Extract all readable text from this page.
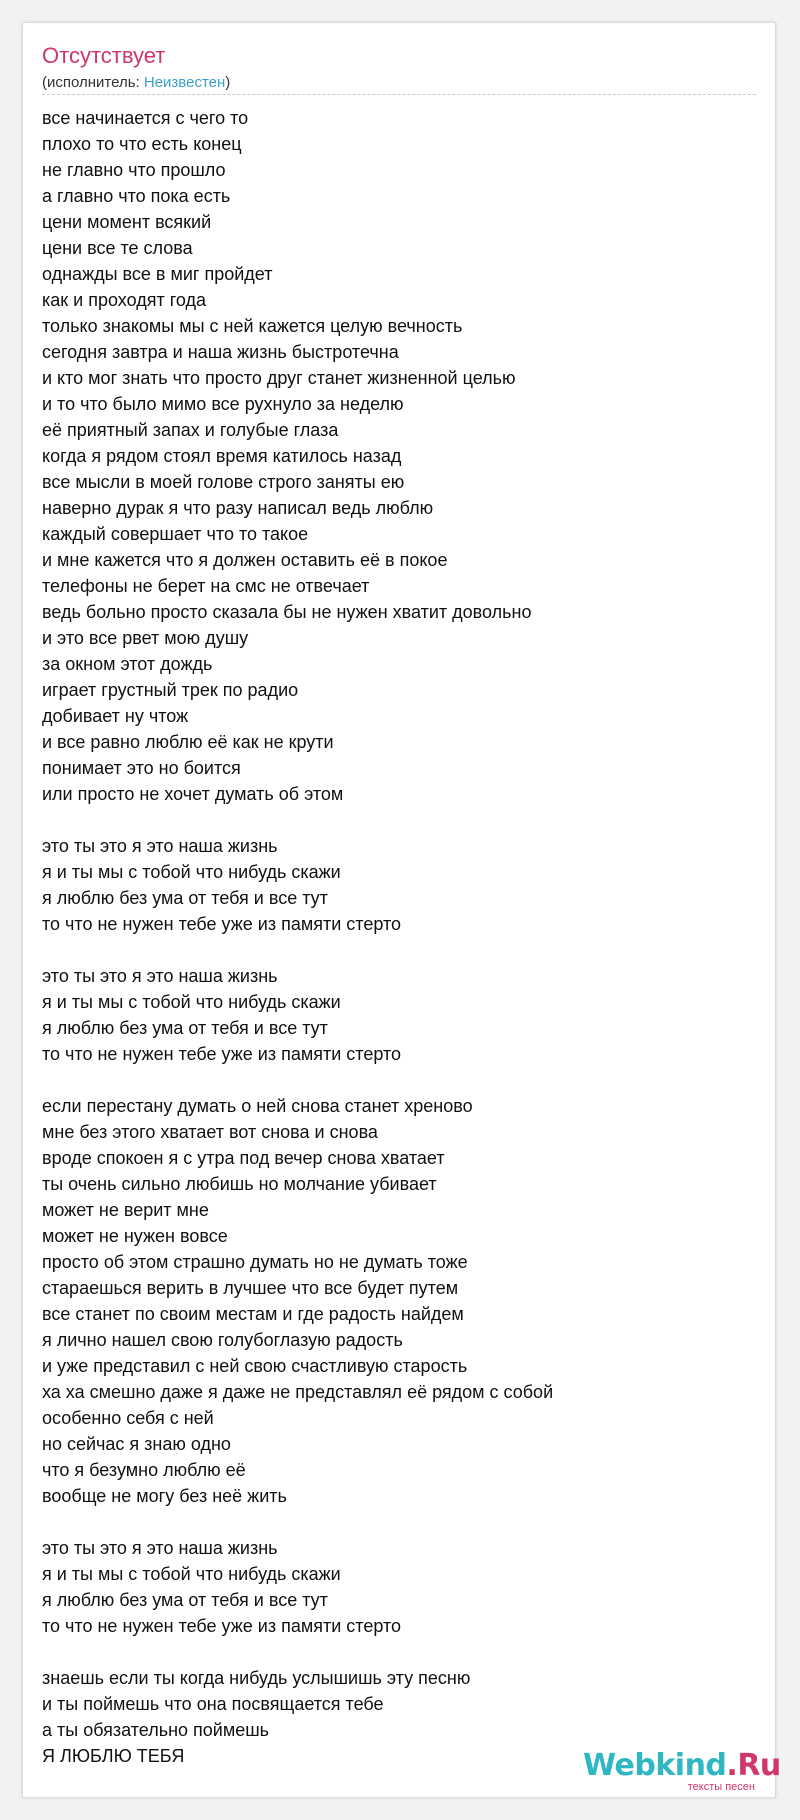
Отсутствует
(исполнитель: Неизвестен)
все начинается с чего то
плохо то что есть конец
не главно что прошло
а главно что пока есть
цени момент всякий
цени все те слова
однажды все в миг пройдет
как и проходят года
только знакомы мы с ней кажется целую вечность
сегодня завтра и наша жизнь быстротечна
и кто мог знать что просто друг станет жизненной целью
и то что было мимо все рухнуло за неделю
её приятный запах и голубые глаза
когда я рядом стоял время катилось назад
все мысли в моей голове строго заняты ею
наверно дурак я что разу написал ведь люблю
каждый совершает что то такое
и мне кажется что я должен оставить её в покое
телефоны не берет на смс не отвечает
ведь больно просто сказала бы не нужен хватит довольно
и это все рвет мою душу
за окном этот дождь
играет грустный трек по радио
добивает ну чтож
и все равно люблю её как не крути
понимает это но боится
или просто не хочет думать об этом
это ты это я это наша жизнь
я и ты мы с тобой что нибудь скажи
я люблю без ума от тебя и все тут
то что не нужен тебе уже из памяти стерто
это ты это я это наша жизнь
я и ты мы с тобой что нибудь скажи
я люблю без ума от тебя и все тут
то что не нужен тебе уже из памяти стерто
если перестану думать о ней снова станет хреново
мне без этого хватает вот снова и снова
вроде спокоен я с утра под вечер снова хватает
ты очень сильно любишь но молчание убивает
может не верит мне
может не нужен вовсе
просто об этом страшно думать но не думать тоже
стараешься верить в лучшее что все будет путем
все станет по своим местам и где радость найдем
я лично нашел свою голубоглазую радость
и уже представил с ней свою счастливую старость
ха ха смешно даже я даже не представлял её рядом с собой
особенно себя с ней
но сейчас я знаю одно
что я безумно люблю её
вообще не могу без неё жить
это ты это я это наша жизнь
я и ты мы с тобой что нибудь скажи
я люблю без ума от тебя и все тут
то что не нужен тебе уже из памяти стерто
знаешь если ты когда нибудь услышишь эту песню
и ты поймешь что она посвящается тебе
а ты обязательно поймешь
Я ЛЮБЛЮ ТЕБЯ	Webkind.Ru
тексты песен
